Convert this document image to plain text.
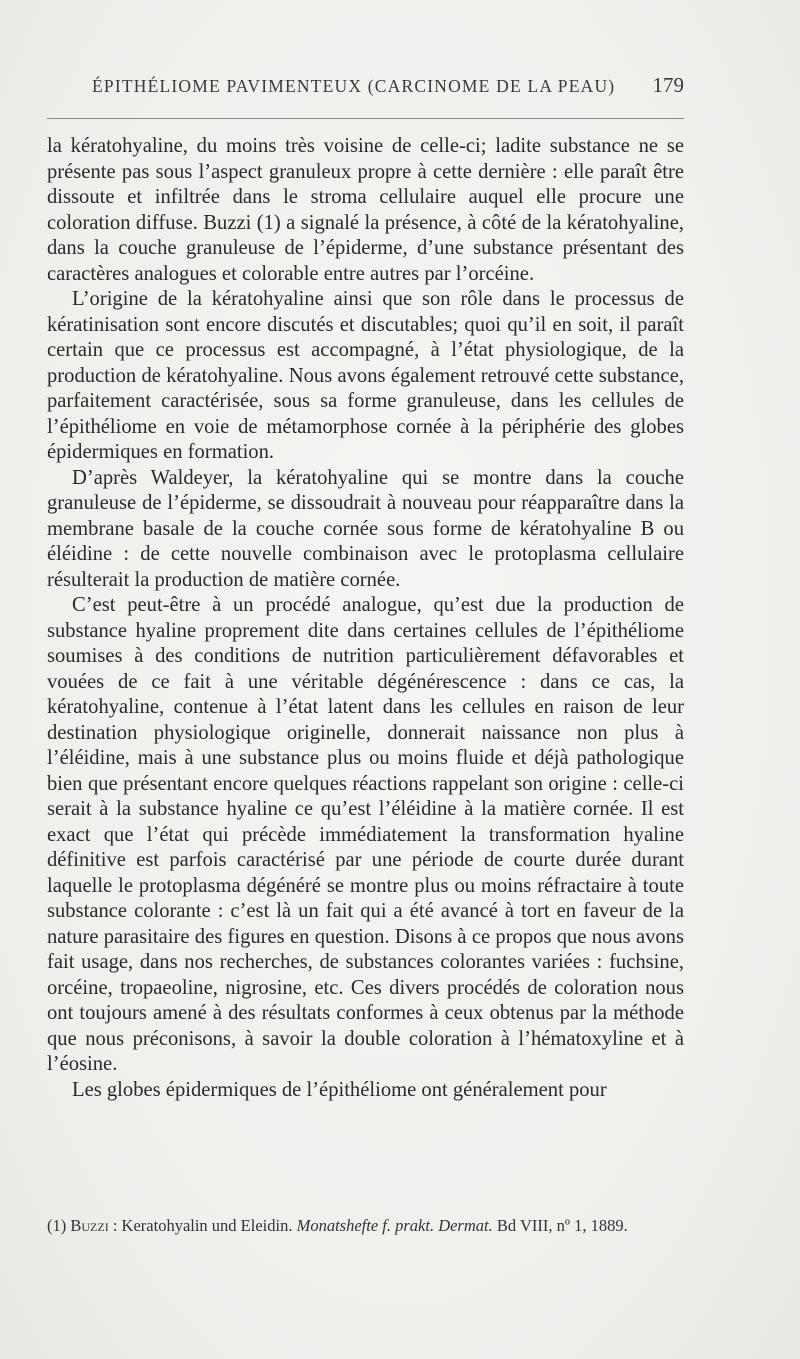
ÉPITHÉLIOME PAVIMENTEUX (CARCINOME DE LA PEAU) 179

la kératohyaline, du moins très voisine de celle-ci; ladite substance ne se présente pas sous l’aspect granuleux propre à cette dernière : elle paraît être dissoute et infiltrée dans le stroma cellulaire auquel elle procure une coloration diffuse. Buzzi (1) a signalé la présence, à côté de la kératohyaline, dans la couche granuleuse de l’épiderme, d’une substance présentant des caractères analogues et colorable entre autres par l’orcéine.

L’origine de la kératohyaline ainsi que son rôle dans le processus de kératinisation sont encore discutés et discutables; quoi qu’il en soit, il paraît certain que ce processus est accompagné, à l’état physiologique, de la production de kératohyaline. Nous avons également retrouvé cette substance, parfaitement caractérisée, sous sa forme granuleuse, dans les cellules de l’épithéliome en voie de métamorphose cornée à la périphérie des globes épidermiques en formation.

D’après Waldeyer, la kératohyaline qui se montre dans la couche granuleuse de l’épiderme, se dissoudrait à nouveau pour réapparaître dans la membrane basale de la couche cornée sous forme de kératohyaline B ou éléidine : de cette nouvelle combinaison avec le protoplasma cellulaire résulterait la production de matière cornée.

C’est peut-être à un procédé analogue, qu’est due la production de substance hyaline proprement dite dans certaines cellules de l’épithéliome soumises à des conditions de nutrition particulièrement défavorables et vouées de ce fait à une véritable dégénérescence : dans ce cas, la kératohyaline, contenue à l’état latent dans les cellules en raison de leur destination physiologique originelle, donnerait naissance non plus à l’éléidine, mais à une substance plus ou moins fluide et déjà pathologique bien que présentant encore quelques réactions rappelant son origine : celle-ci serait à la substance hyaline ce qu’est l’éléidine à la matière cornée. Il est exact que l’état qui précède immédiatement la transformation hyaline définitive est parfois caractérisé par une période de courte durée durant laquelle le protoplasma dégénéré se montre plus ou moins réfractaire à toute substance colorante : c’est là un fait qui a été avancé à tort en faveur de la nature parasitaire des figures en question. Disons à ce propos que nous avons fait usage, dans nos recherches, de substances colorantes variées : fuchsine, orcéine, tropaeoline, nigrosine, etc. Ces divers procédés de coloration nous ont toujours amené à des résultats conformes à ceux obtenus par la méthode que nous préconisons, à savoir la double coloration à l’hématoxyline et à l’éosine.

Les globes épidermiques de l’épithéliome ont généralement pour

(1) Buzzi : Keratohyalin und Eleidin. Monatshefte f. prakt. Dermat. Bd VIII, nº 1, 1889.
